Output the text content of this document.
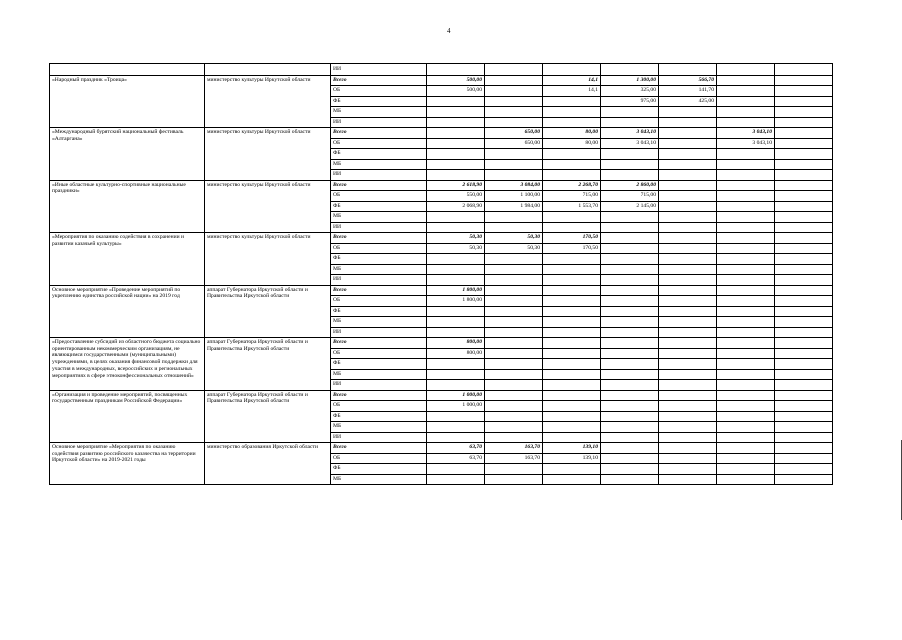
4
		ИИ							
«Народный праздник «Троица»	министерство культуры Иркутской области	Всего	500,00		14,1	1 300,00	566,70		
		ОБ	500,00		14,1	325,00	141,70		
		ФБ				975,00	425,00		
		МБ							
		ИИ							
«Международный бурятский национальный фестиваль «Алтаргана»	министерство культуры Иркутской области	Всего		650,00	80,00	3 043,10		3 043,10	
		ОБ		650,00	80,00	3 043,10		3 043,10	
		ФБ							
		МБ							
		ИИ							
«Иные областные культурно-спортивные национальные праздники»	министерство культуры Иркутской области	Всего	2 618,90	3 084,00	2 268,70	2 860,00			
		ОБ	550,00	1 100,00	715,00	715,00			
		ФБ	2 068,90	1 984,00	1 553,70	2 145,00			
		МБ							
		ИИ							
«Мероприятия по оказанию содействия в сохранении и развитии казачьей культуры»	министерство культуры Иркутской области	Всего	50,30	50,30	170,50				
		ОБ	50,30	50,30	170,50				
		ФБ							
		МБ							
		ИИ							
Основное мероприятие «Проведение мероприятий по укреплению единства российской нации» на 2019 год	аппарат Губернатора Иркутской области и Правительства Иркутской области	Всего	1 800,00						
		ОБ	1 800,00						
		ФБ							
		МБ							
		ИИ							
«Предоставление субсидий из областного бюджета социально ориентированным некоммерческим организациям, не являющимся государственными (муниципальными) учреждениями, в целях оказания финансовой поддержки для участия в международных, всероссийских и региональных мероприятиях в сфере этноконфессиональных отношений»	аппарат Губернатора Иркутской области и Правительства Иркутской области	Всего	800,00						
		ОБ	800,00						
		ФБ							
		МБ							
		ИИ							
«Организация и проведение мероприятий, посвященных государственным праздникам Российской Федерации»	аппарат Губернатора Иркутской области и Правительства Иркутской области	Всего	1 000,00						
		ОБ	1 000,00						
		ФБ							
		МБ							
		ИИ							
Основное мероприятие «Мероприятия по оказанию содействия развитию российского казачества на территории Иркутской области» на 2019-2021 годы	министерство образования Иркутской области	Всего	63,70	163,70	139,10				
		ОБ	63,70	163,70	139,10				
		ФБ							
		МБ							
